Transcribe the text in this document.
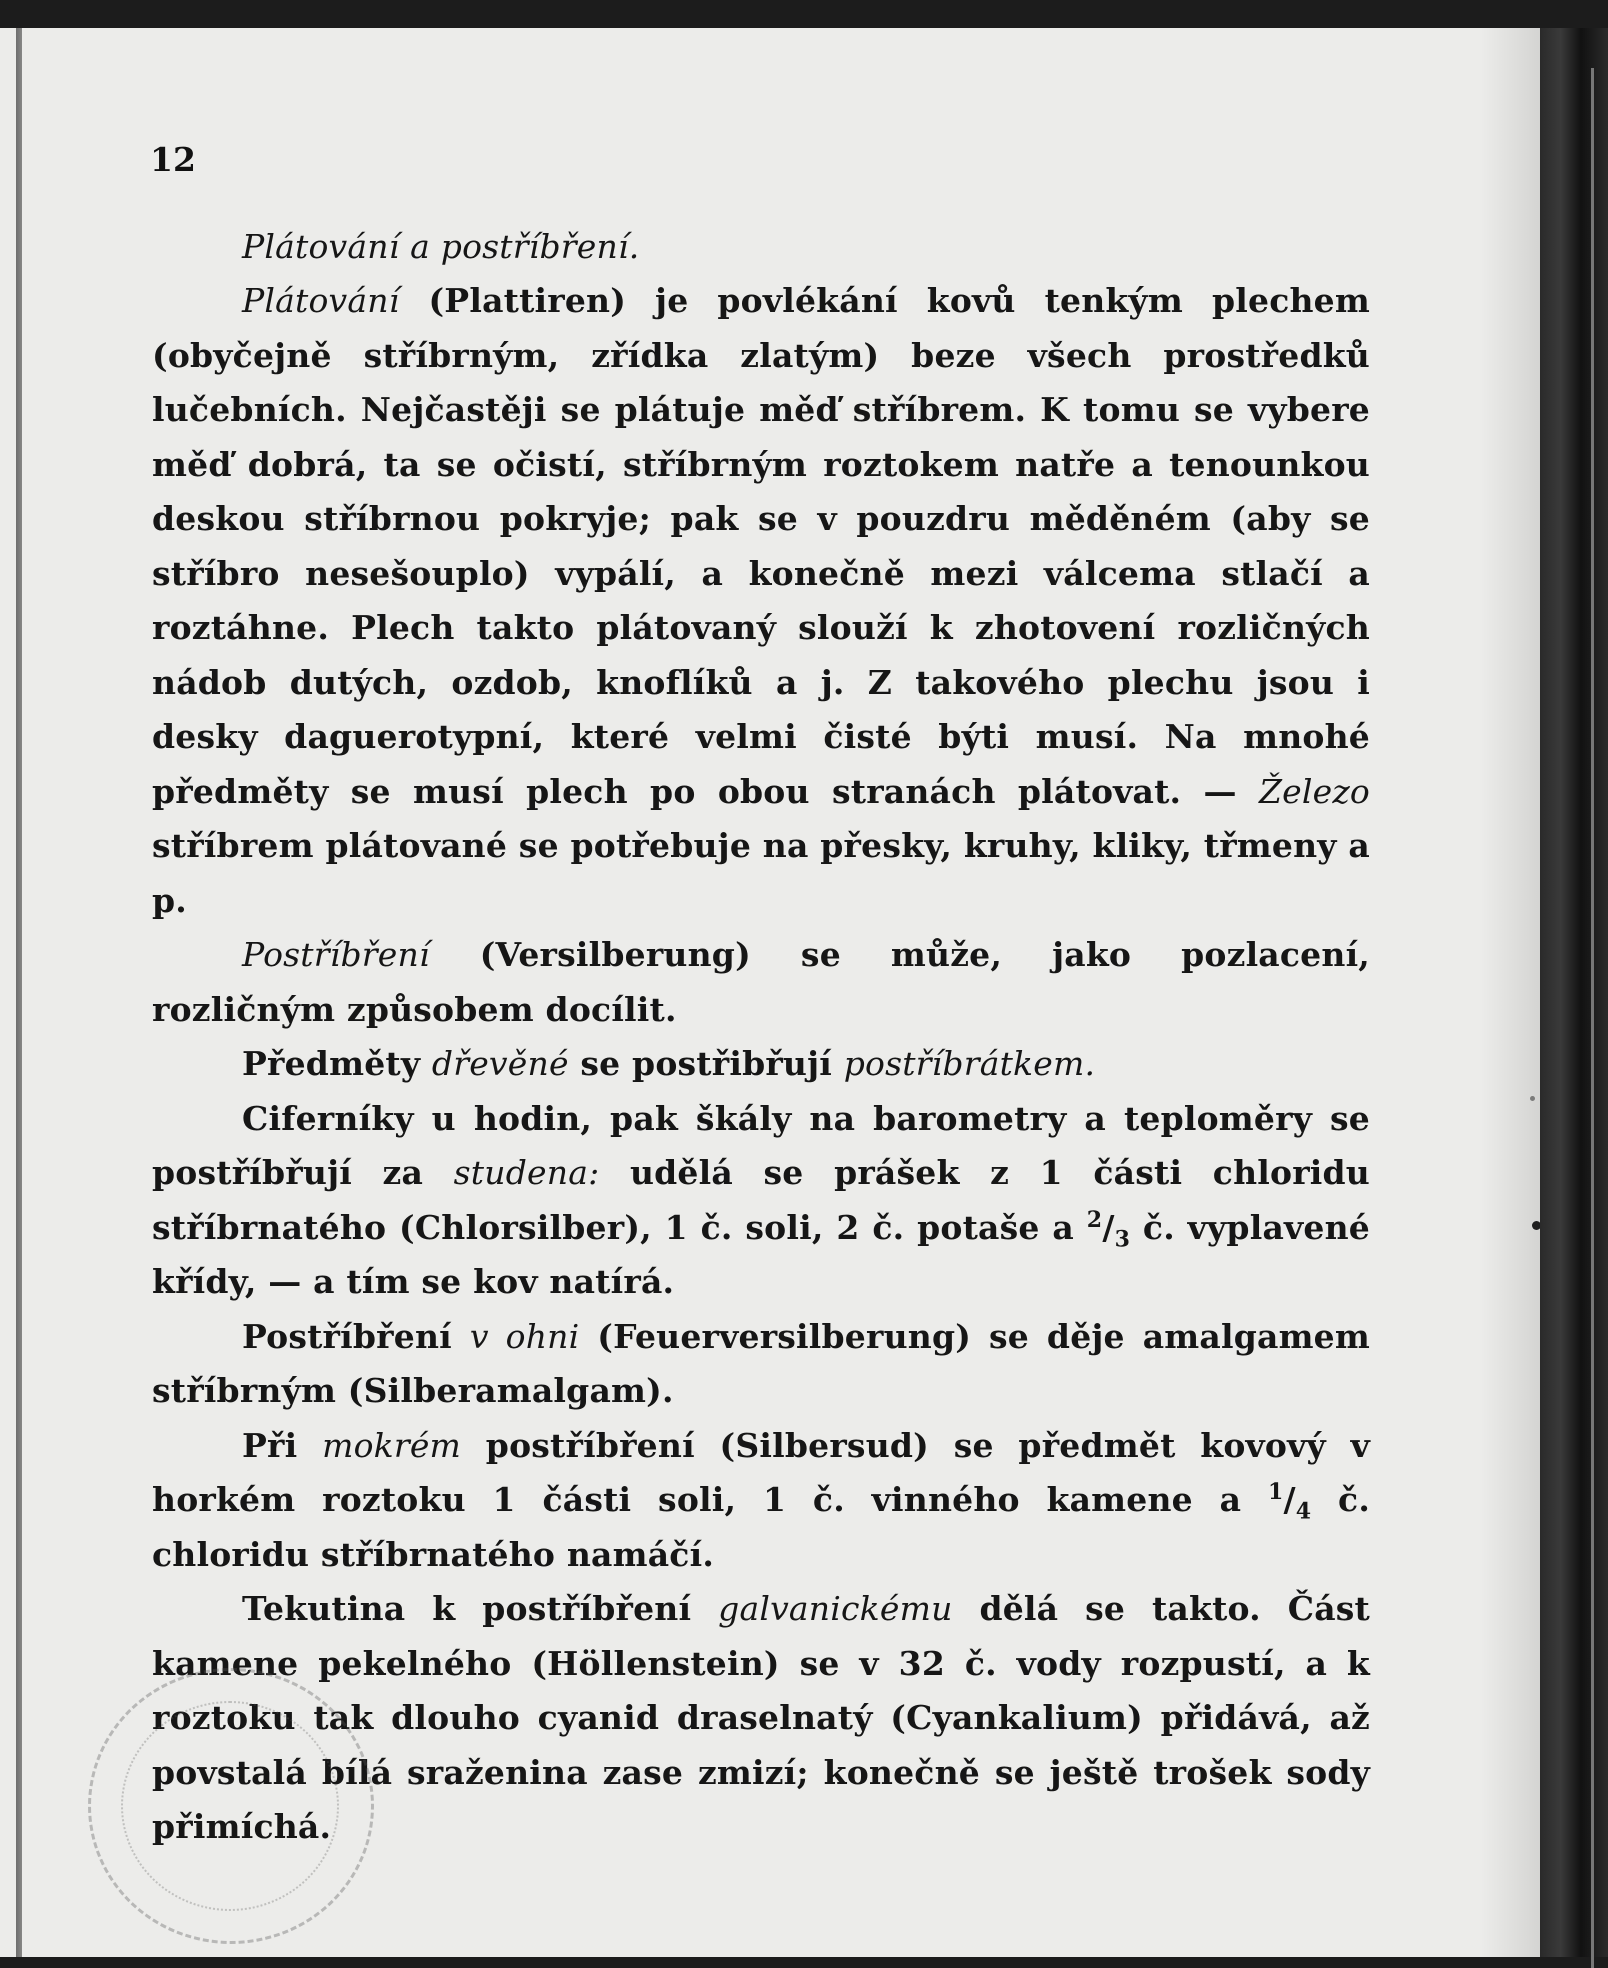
12

Plátování a postříbření.

Plátování (Plattiren) je povlékání kovů tenkým plechem (obyčejně stříbrným, zřídka zlatým) beze všech prostředků lučebních. Nejčastěji se plátuje měď stříbrem. K tomu se vybere měď dobrá, ta se očistí, stříbrným roztokem natře a tenounkou deskou stříbrnou pokryje; pak se v pouzdru měděném (aby se stříbro nesešouplo) vypálí, a konečně mezi válcema stlačí a roztáhne. Plech takto plátovaný slouží k zhotovení rozličných nádob dutých, ozdob, knoflíků a j. Z takového plechu jsou i desky daguerotypní, které velmi čisté býti musí. Na mnohé předměty se musí plech po obou stranách plátovat. — Železo stříbrem plátované se potřebuje na přesky, kruhy, kliky, třmeny a p.

Postříbření (Versilberung) se může, jako pozlacení, rozličným způsobem docílit.

Předměty dřevěné se postřibřují postříbrátkem.

Ciferníky u hodin, pak škály na barometry a teploměry se postříbřují za studena: udělá se prášek z 1 části chloridu stříbrnatého (Chlorsilber), 1 č. soli, 2 č. potaše a $^2/_3$ č. vyplavené křídy, — a tím se kov natírá.

Postříbření v ohni (Feuerversilberung) se děje amalgamem stříbrným (Silberamalgam).

Při mokrém postříbření (Silbersud) se předmět kovový v horkém roztoku 1 části soli, 1 č. vinného kamene a $^1/_4$ č. chloridu stříbrnatého namáčí.

Tekutina k postříbření galvanickému dělá se takto. Část kamene pekelného (Höllenstein) se v 32 č. vody rozpustí, a k roztoku tak dlouho cyanid draselnatý (Cyankalium) přidává, až povstalá bílá sraženina zase zmizí; konečně se ještě trošek sody přimíchá.
